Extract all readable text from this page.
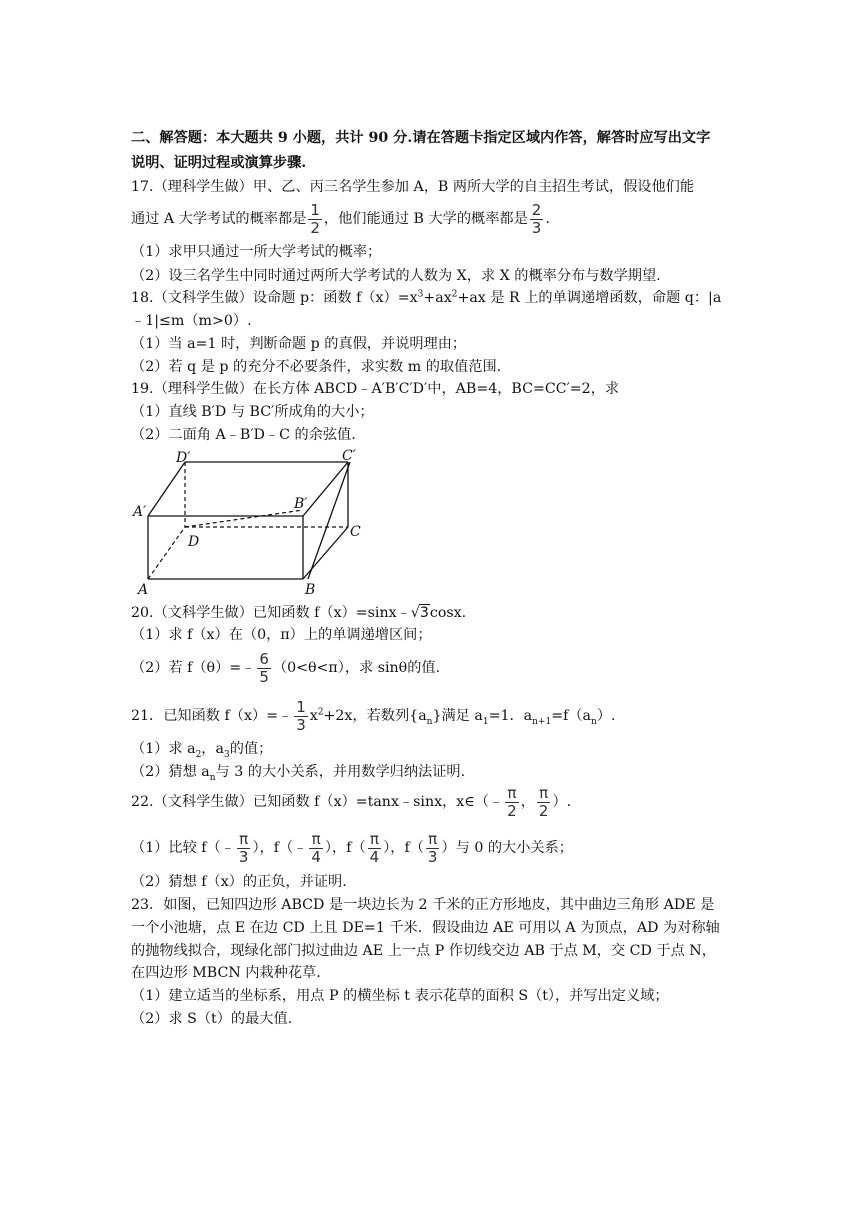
二、解答题：本大题共 9 小题，共计 90 分.请在答题卡指定区域内作答，解答时应写出文字
说明、证明过程或演算步骤.
17.（理科学生做）甲、乙、丙三名学生参加 A，B 两所大学的自主招生考试，假设他们能
通过 A 大学考试的概率都是 $\frac{1}{2}$ ，他们能通过 B 大学的概率都是 $\frac{2}{3}$ .
（1）求甲只通过一所大学考试的概率；
（2）设三名学生中同时通过两所大学考试的人数为 X，求 X 的概率分布与数学期望.
18.（文科学生做）设命题 p：函数 $f(x)=x^3+ax^2+ax$ 是 R 上的单调递增函数，命题 q：|a
﹣1|≤m（m>0）.
（1）当 a=1 时，判断命题 p 的真假，并说明理由；
（2）若 q 是 p 的充分不必要条件，求实数 m 的取值范围.
19.（理科学生做）在长方体 ABCD﹣A′B′C′D′中，AB=4，BC=CC′=2，求
（1）直线 B′D 与 BC′所成角的大小；
（2）二面角 A﹣B′D﹣C 的余弦值.
D′	C′
A′	B′
C
D
A	B
20.（文科学生做）已知函数 f（x）=sinx﹣√3cosx.
（1）求 f（x）在（0，π）上的单调递增区间；
（2）若 f（θ）=﹣ $\frac{6}{5} (0<\theta<\pi)$，求 sinθ的值.
21．已知函数 f（x）=﹣ $\frac{1}{3} x^2+2x$，若数列$\{a_n\}$满足 $a_1=1$．$a_{n+1}=f(a_n)$.
（1）求 $a_2$，$a_3$的值；
（2）猜想 $a_n$与 3 的大小关系，并用数学归纳法证明.
22.（文科学生做）已知函数 f（x）=tanx﹣sinx，x∈（﹣ $\frac{\pi}{2}$ ， $\frac{\pi}{2}$ ）.
（1）比较 f（﹣ $\frac{\pi}{3}$ ），f（﹣ $\frac{\pi}{4}$ ），$f( \frac{\pi}{4}$ ），$f( \frac{\pi}{3}$ ）与 0 的大小关系；
（2）猜想 f（x）的正负，并证明.
23．如图，已知四边形 ABCD 是一块边长为 2 千米的正方形地皮，其中曲边三角形 ADE 是
一个小池塘，点 E 在边 CD 上且 DE=1 千米．假设曲边 AE 可用以 A 为顶点，AD 为对称轴
的抛物线拟合，现绿化部门拟过曲边 AE 上一点 P 作切线交边 AB 于点 M，交 CD 于点 N，
在四边形 MBCN 内栽种花草.
（1）建立适当的坐标系，用点 P 的横坐标 t 表示花草的面积 S（t），并写出定义域；
（2）求 S（t）的最大值.
